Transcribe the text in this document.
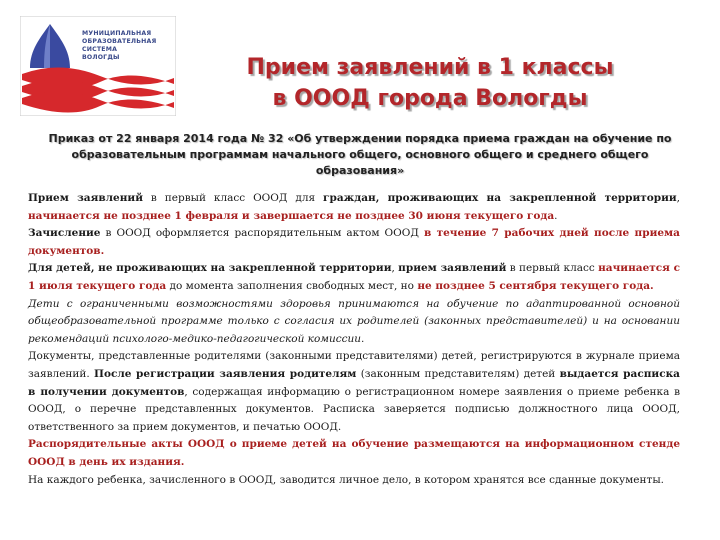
МУНИЦИПАЛЬНАЯ
ОБРАЗОВАТЕЛЬНАЯ
СИСТЕМА
ВОЛОГДЫ	Прием заявлений в 1 классы
в ОООД города Вологды
Приказ от 22 января 2014 года № 32 «Об утверждении порядка приема граждан на обучение по
образовательным программам начального общего, основного общего и среднего общего
образования»

Прием заявлений в первый класс ОООД для граждан, проживающих на закрепленной территории, начинается не позднее 1 февраля и завершается не позднее 30 июня текущего года.

Зачисление в ОООД оформляется распорядительным актом ОООД в течение 7 рабочих дней после приема документов.

Для детей, не проживающих на закрепленной территории, прием заявлений в первый класс начинается с 1 июля текущего года до момента заполнения свободных мест, но не позднее 5 сентября текущего года.

Дети с ограниченными возможностями здоровья принимаются на обучение по адаптированной основной общеобразовательной программе только с согласия их родителей (законных представителей) и на основании рекомендаций психолого-медико-педагогической комиссии.

Документы, представленные родителями (законными представителями) детей, регистрируются в журнале приема заявлений. После регистрации заявления родителям (законным представителям) детей выдается расписка в получении документов, содержащая информацию о регистрационном номере заявления о приеме ребенка в ОООД, о перечне представленных документов. Расписка заверяется подписью должностного лица ОООД, ответственного за прием документов, и печатью ОООД.

Распорядительные акты ОООД о приеме детей на обучение размещаются на информационном стенде ОООД в день их издания.

На каждого ребенка, зачисленного в ОООД, заводится личное дело, в котором хранятся все сданные документы.
